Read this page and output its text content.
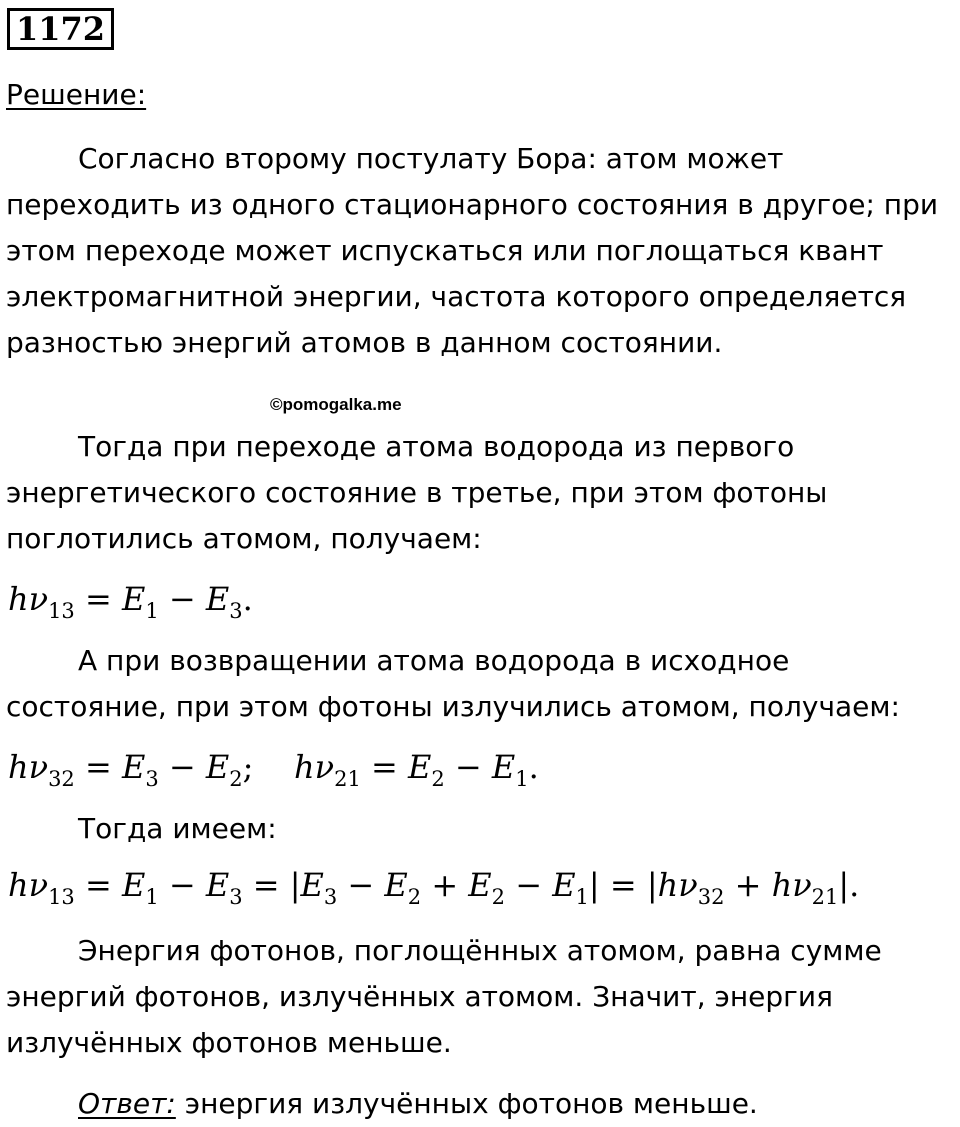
1172
Решение:

Согласно второму постулату Бора: атом может переходить из одного стационарного состояния в другое; при этом переходе может испускаться или поглощаться квант электромагнитной энергии, частота которого определяется разностью энергий атомов в данном состоянии.

©pomogalka.me

Тогда при переходе атома водорода из первого энергетического состояние в третье, при этом фотоны поглотились атомом, получаем:

$h\nu_{13} = E_1 - E_3$.

А при возвращении атома водорода в исходное состояние, при этом фотоны излучились атомом, получаем:

$h\nu_{32} = E_3 - E_2$;    $h\nu_{21} = E_2 - E_1$.

Тогда имеем:

$h\nu_{13} = E_1 - E_3 = |E_3 - E_2 + E_2 - E_1| = |h\nu_{32} + h\nu_{21}|$.

Энергия фотонов, поглощённых атомом, равна сумме энергий фотонов, излучённых атомом. Значит, энергия излучённых фотонов меньше.

Ответ: энергия излучённых фотонов меньше.
